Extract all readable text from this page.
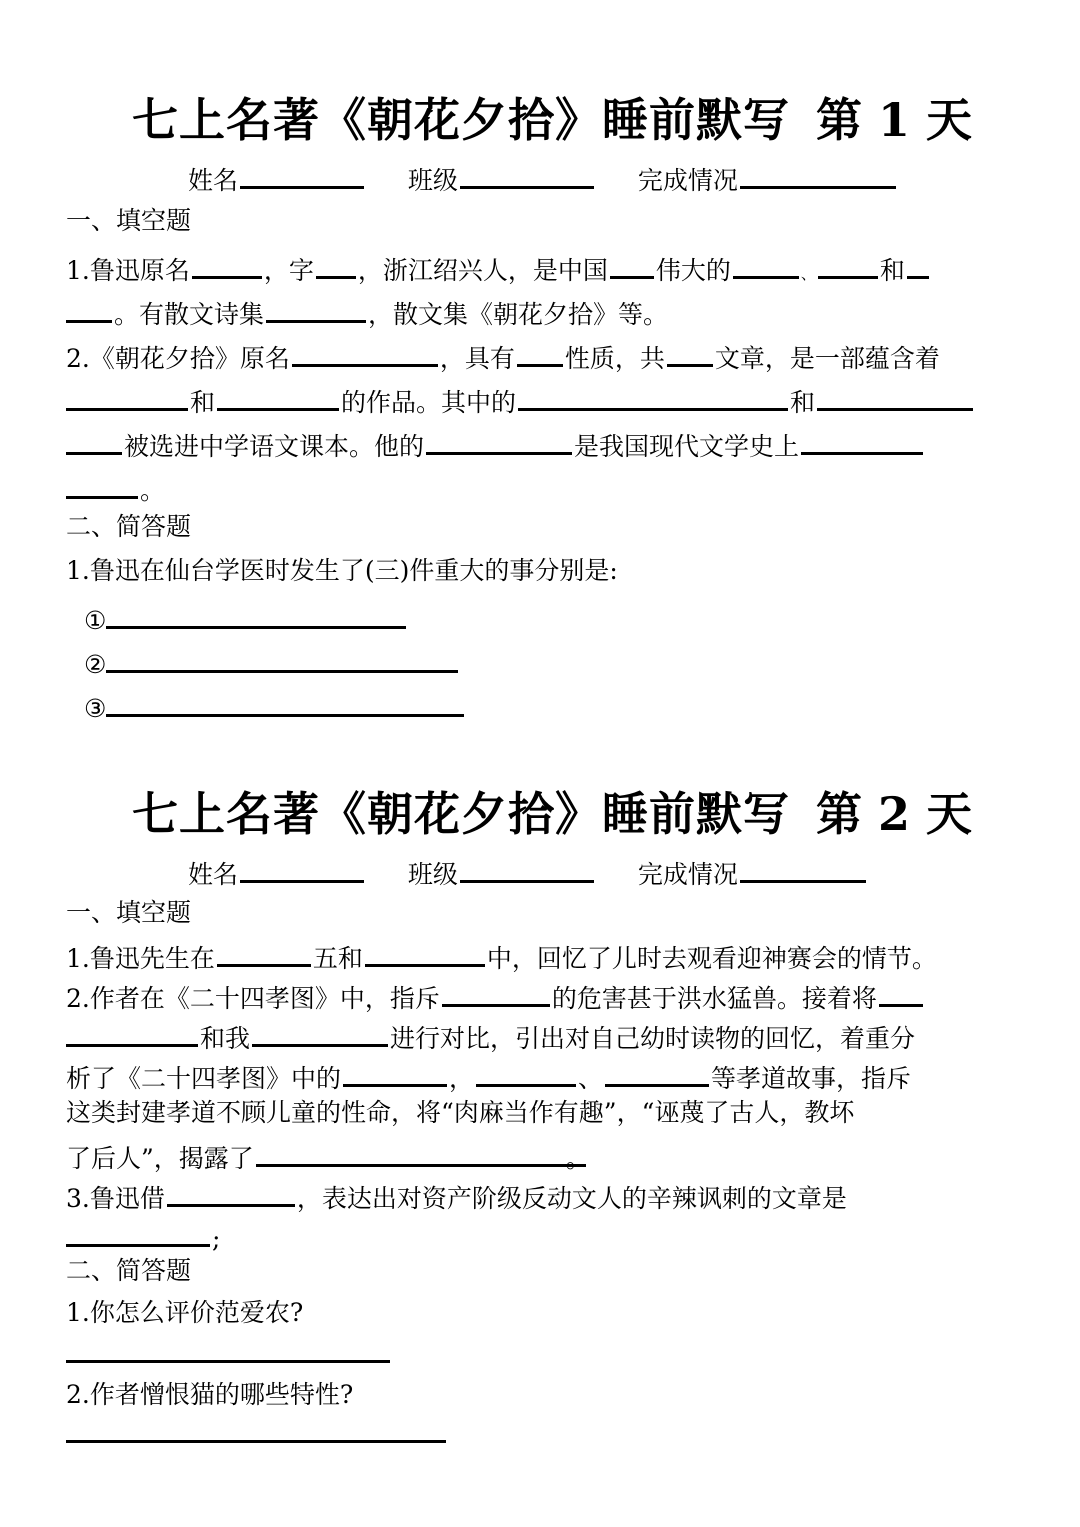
七上名著《朝花夕拾》睡前默写 第 1 天
姓名	班级	完成情况
一、填空题
1.鲁迅原名	，字 ，浙江绍兴人，是中国 伟大的	、	和
。有散文诗集	，散文集《朝花夕拾》等。
2.《朝花夕拾》原名	，具有 性质，共 文章，是一部蕴含着
和	的作品。其中的	和
被选进中学语文课本。他的	是我国现代文学史上
。
二、简答题
1.鲁迅在仙台学医时发生了(三)件重大的事分别是:
①
②
③
七上名著《朝花夕拾》睡前默写 第 2 天
姓名	班级	完成情况
一、填空题
1.鲁迅先生在	五和	中，回忆了儿时去观看迎神赛会的情节。
2.作者在《二十四孝图》中，指斥	的危害甚于洪水猛兽。接着将
和我	进行对比，引出对自己幼时读物的回忆，着重分
析了《二十四孝图》中的	，	、	等孝道故事，指斥
这类封建孝道不顾儿童的性命，将“肉麻当作有趣”，“诬蔑了古人，教坏
了后人”，揭露了	。
3.鲁迅借	，表达出对资产阶级反动文人的辛辣讽刺的文章是
;
二、简答题
1.你怎么评价范爱农?
2.作者憎恨猫的哪些特性?
